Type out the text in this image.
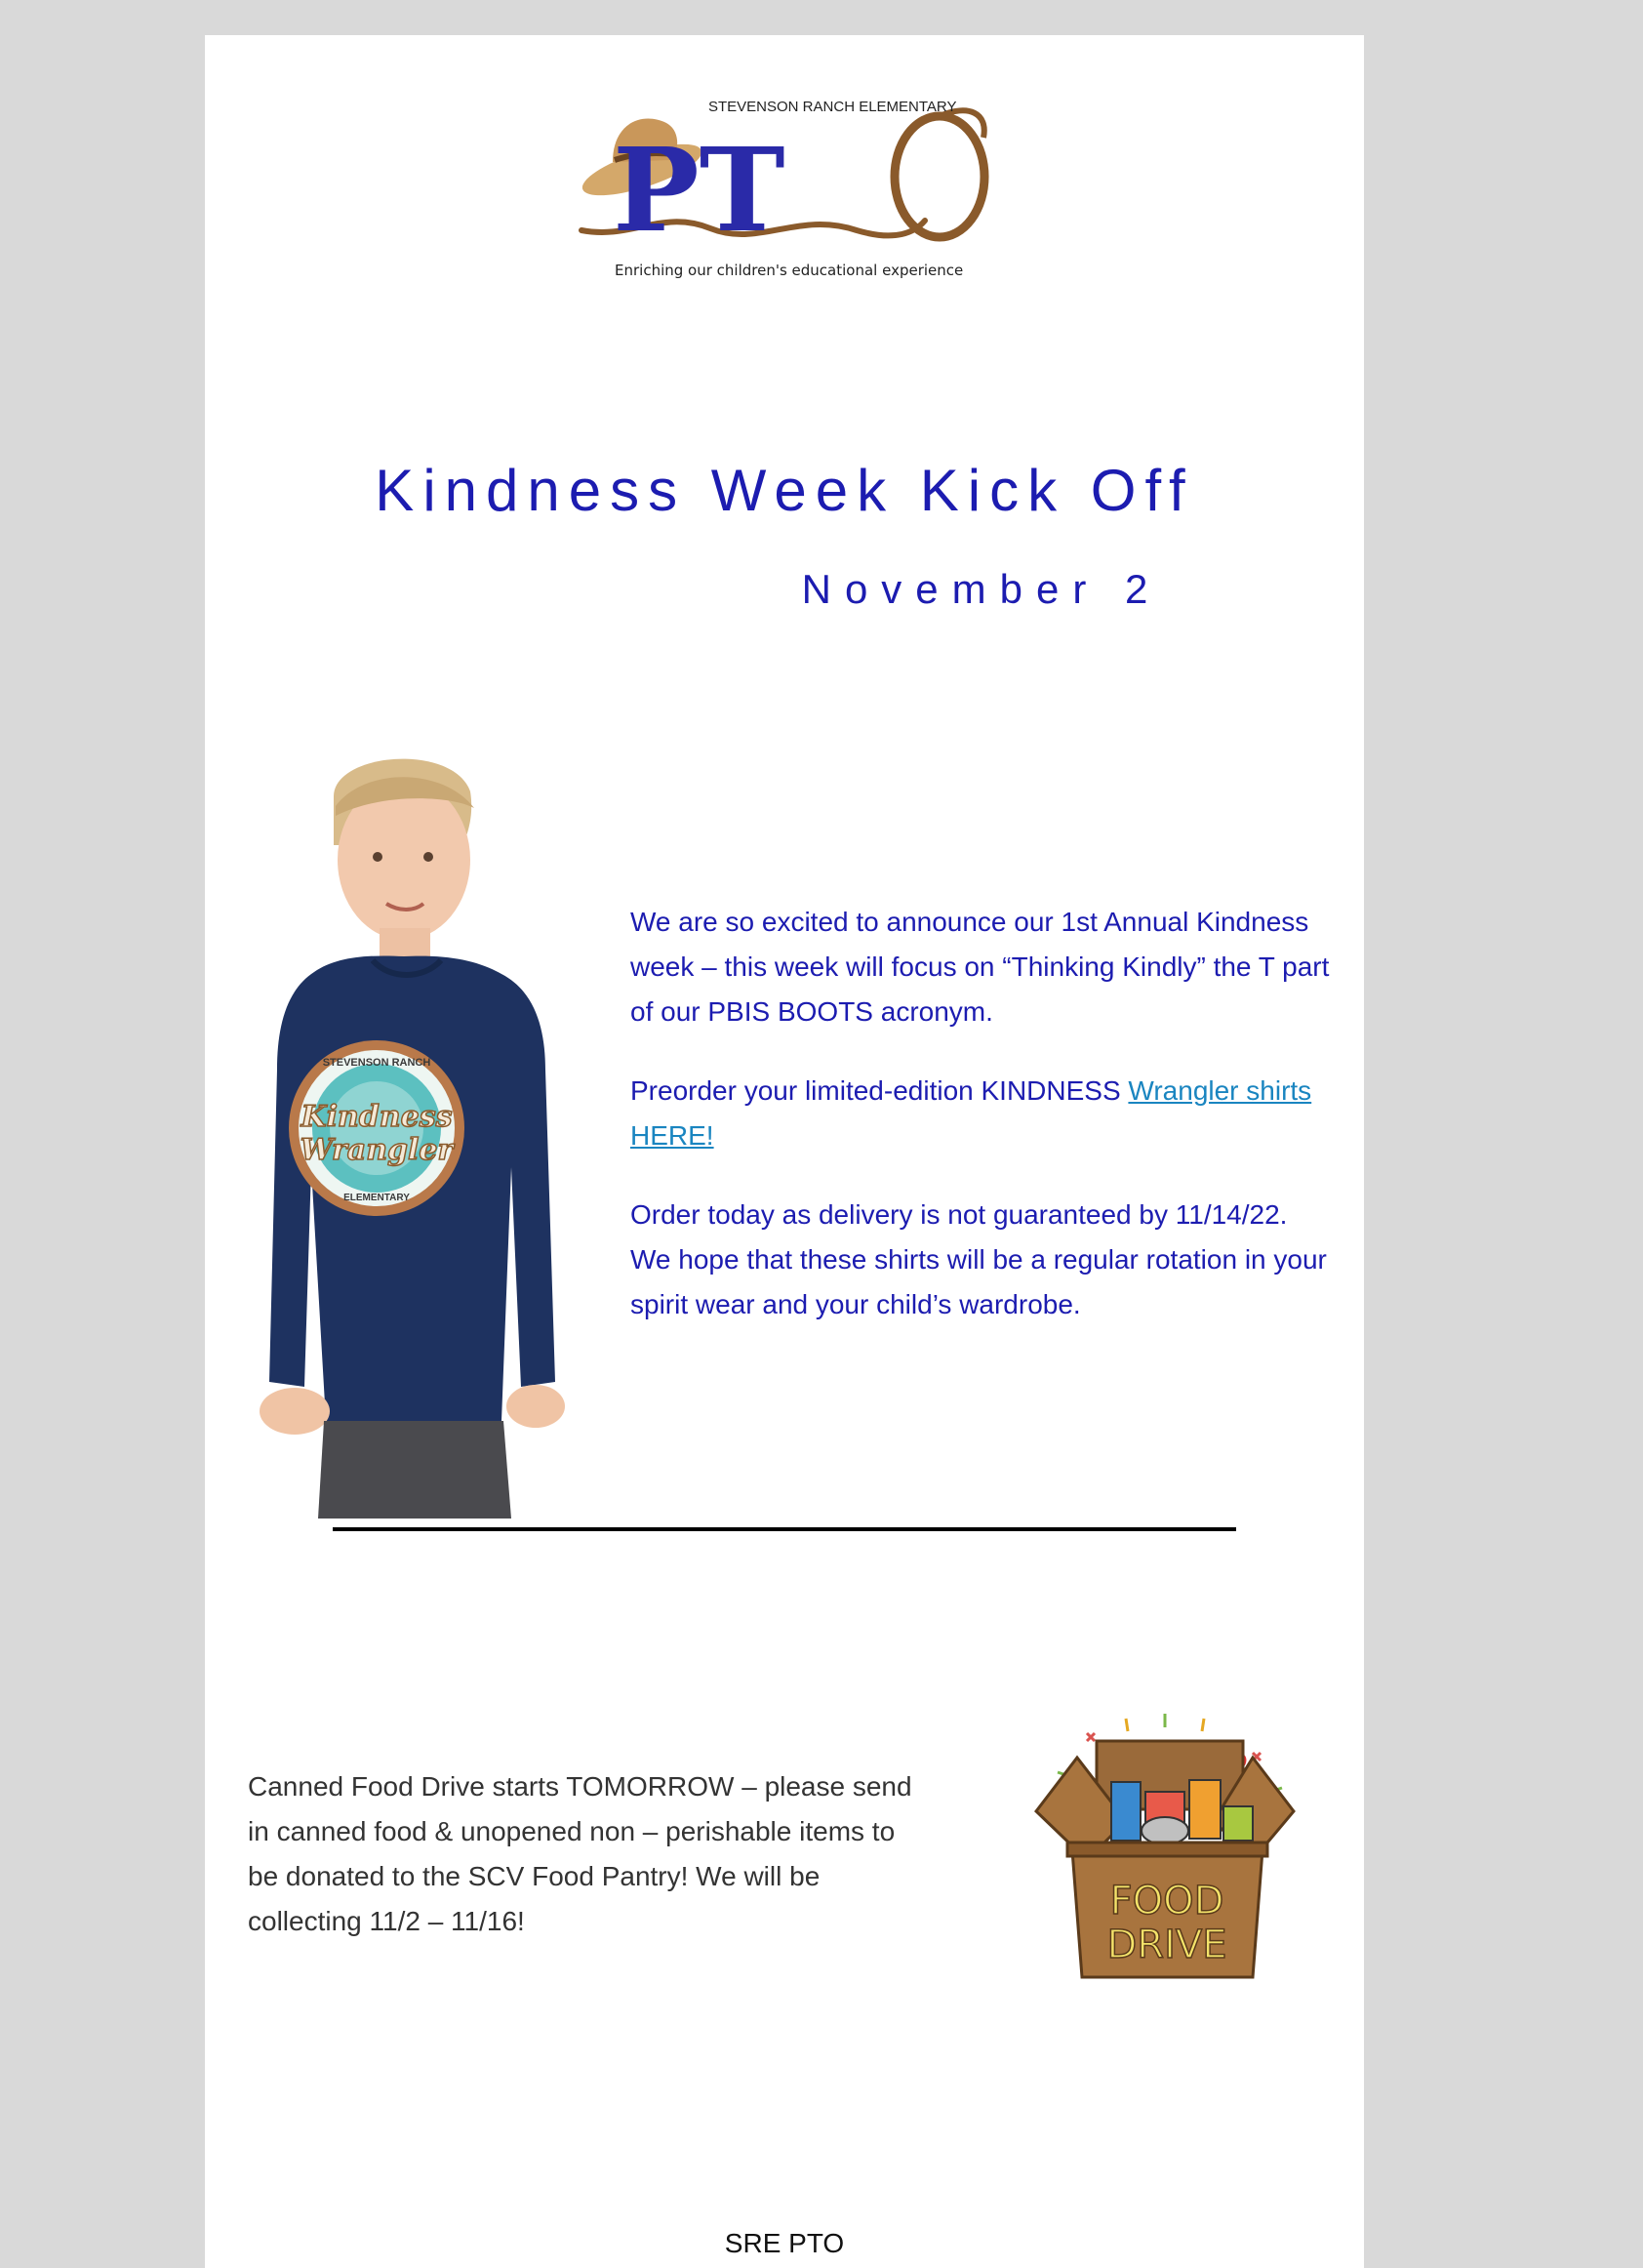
PT
STEVENSON RANCH ELEMENTARY
Enriching our children's educational experience
Kindness Week Kick Off
November 2
STEVENSON RANCH
Kindness
Wrangler
ELEMENTARY

We are so excited to announce our 1st Annual Kindness week – this week will focus on “Thinking Kindly” the T part of our PBIS BOOTS acronym.

Preorder your limited-edition KINDNESS Wrangler shirts HERE!

Order today as delivery is not guaranteed by 11/14/22. We hope that these shirts will be a regular rotation in your spirit wear and your child’s wardrobe.

Canned Food Drive starts TOMORROW – please send in canned food & unopened non – perishable items to be donated to the SCV Food Pantry! We will be collecting 11/2 – 11/16!	FOOD
DRIVE
SRE PTO
